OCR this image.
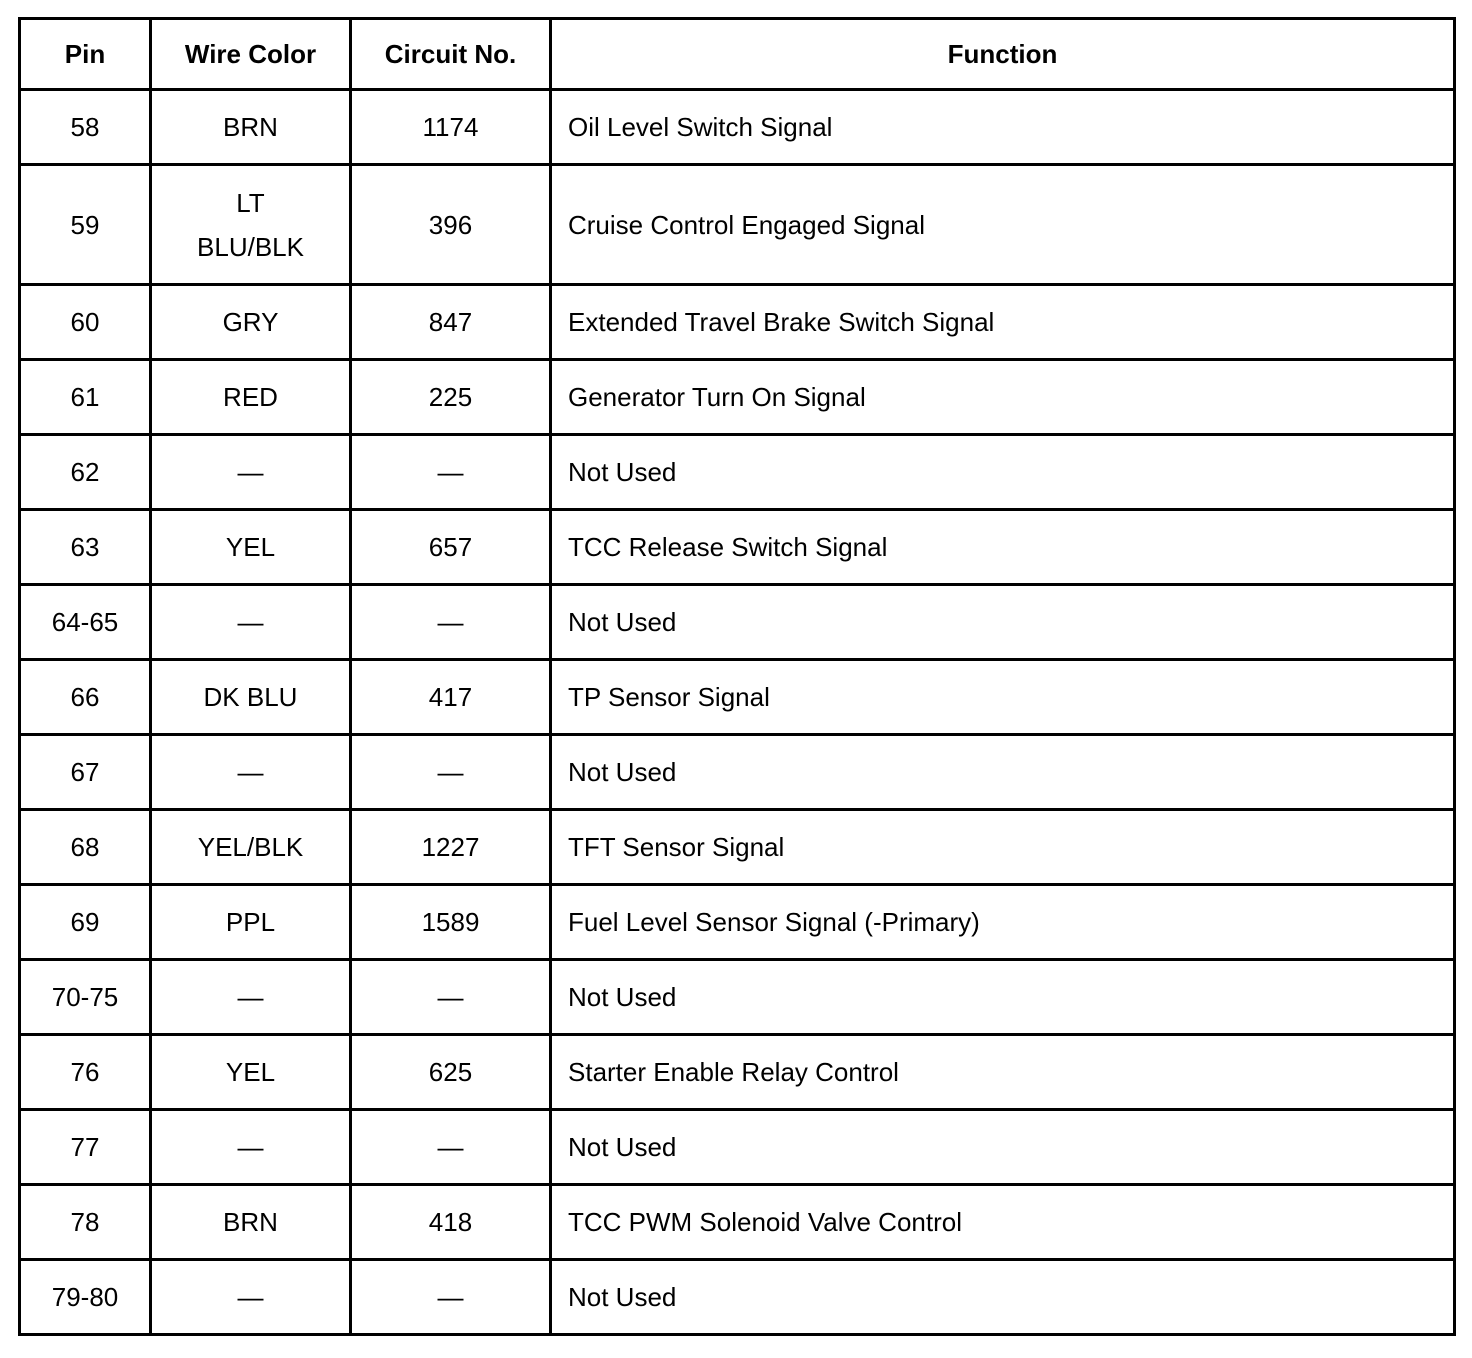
Pin	Wire Color	Circuit No.	Function
58	BRN	1174	Oil Level Switch Signal
59	LT BLU/BLK	396	Cruise Control Engaged Signal
60	GRY	847	Extended Travel Brake Switch Signal
61	RED	225	Generator Turn On Signal
62	—	—	Not Used
63	YEL	657	TCC Release Switch Signal
64-65	—	—	Not Used
66	DK BLU	417	TP Sensor Signal
67	—	—	Not Used
68	YEL/BLK	1227	TFT Sensor Signal
69	PPL	1589	Fuel Level Sensor Signal (-Primary)
70-75	—	—	Not Used
76	YEL	625	Starter Enable Relay Control
77	—	—	Not Used
78	BRN	418	TCC PWM Solenoid Valve Control
79-80	—	—	Not Used
